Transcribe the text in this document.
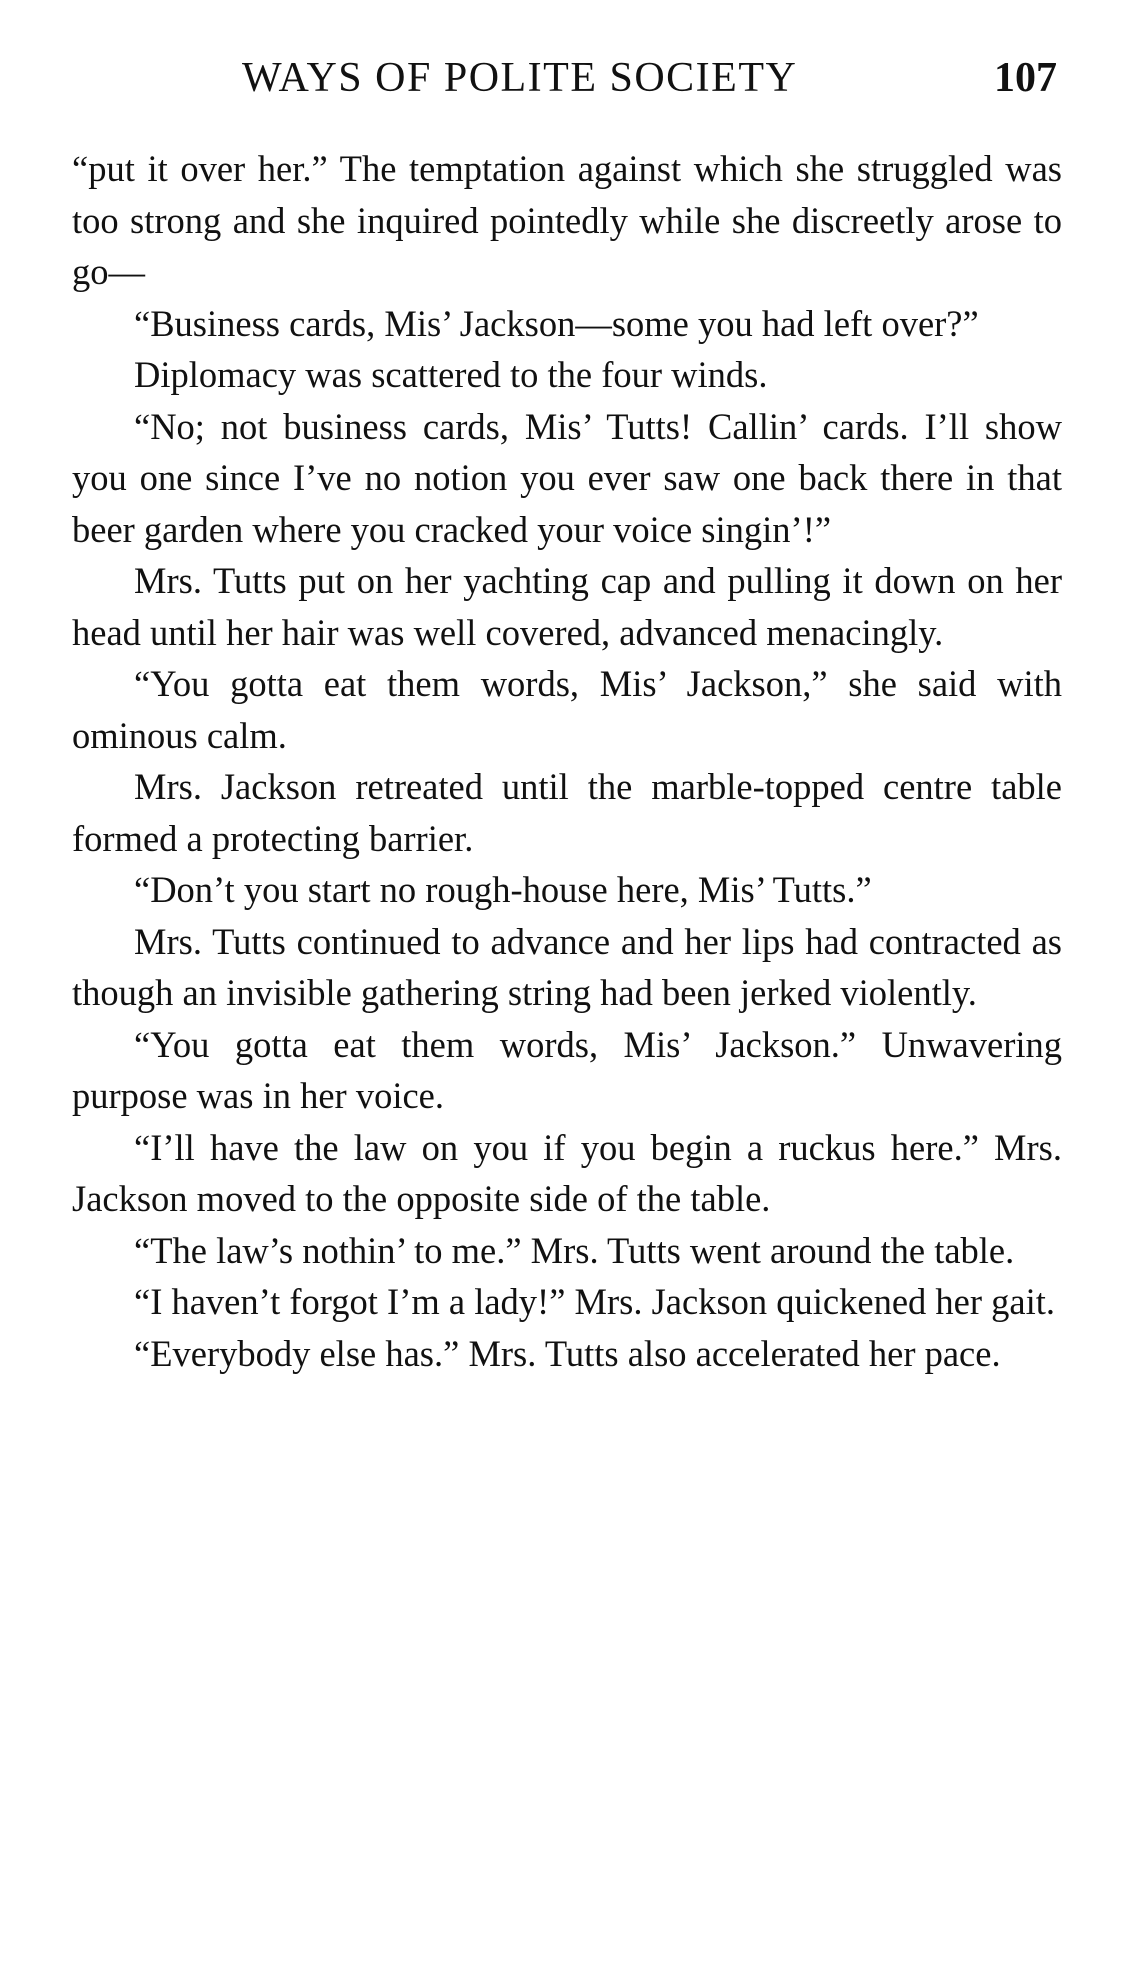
WAYS OF POLITE SOCIETY	107

“put it over her.” The temptation against which she struggled was too strong and she inquired pointedly while she discreetly arose to go—

“Business cards, Mis’ Jackson—some you had left over?”

Diplomacy was scattered to the four winds.

“No; not business cards, Mis’ Tutts! Callin’ cards. I’ll show you one since I’ve no notion you ever saw one back there in that beer garden where you cracked your voice singin’!”

Mrs. Tutts put on her yachting cap and pulling it down on her head until her hair was well covered, advanced menacingly.

“You gotta eat them words, Mis’ Jackson,” she said with ominous calm.

Mrs. Jackson retreated until the marble-topped centre table formed a protecting barrier.

“Don’t you start no rough-house here, Mis’ Tutts.”

Mrs. Tutts continued to advance and her lips had contracted as though an invisible gathering string had been jerked violently.

“You gotta eat them words, Mis’ Jackson.” Unwavering purpose was in her voice.

“I’ll have the law on you if you begin a ruckus here.” Mrs. Jackson moved to the opposite side of the table.

“The law’s nothin’ to me.” Mrs. Tutts went around the table.

“I haven’t forgot I’m a lady!” Mrs. Jackson quickened her gait.

“Everybody else has.” Mrs. Tutts also accelerated her pace.
